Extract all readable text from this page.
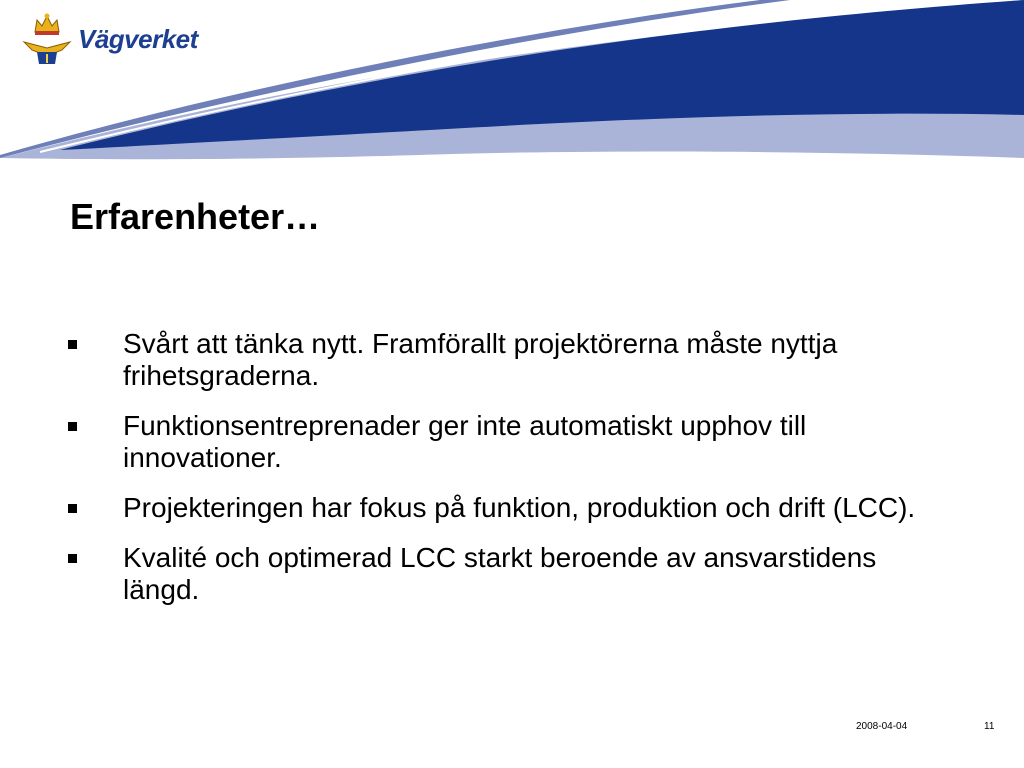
Vägverket
Erfarenheter…
Svårt att tänka nytt. Framförallt projektörerna måste nyttja frihetsgraderna.
Funktionsentreprenader ger inte automatiskt upphov till innovationer.
Projekteringen har fokus på funktion, produktion och drift (LCC).
Kvalité och optimerad LCC starkt beroende av ansvarstidens längd.
2008-04-04	11
